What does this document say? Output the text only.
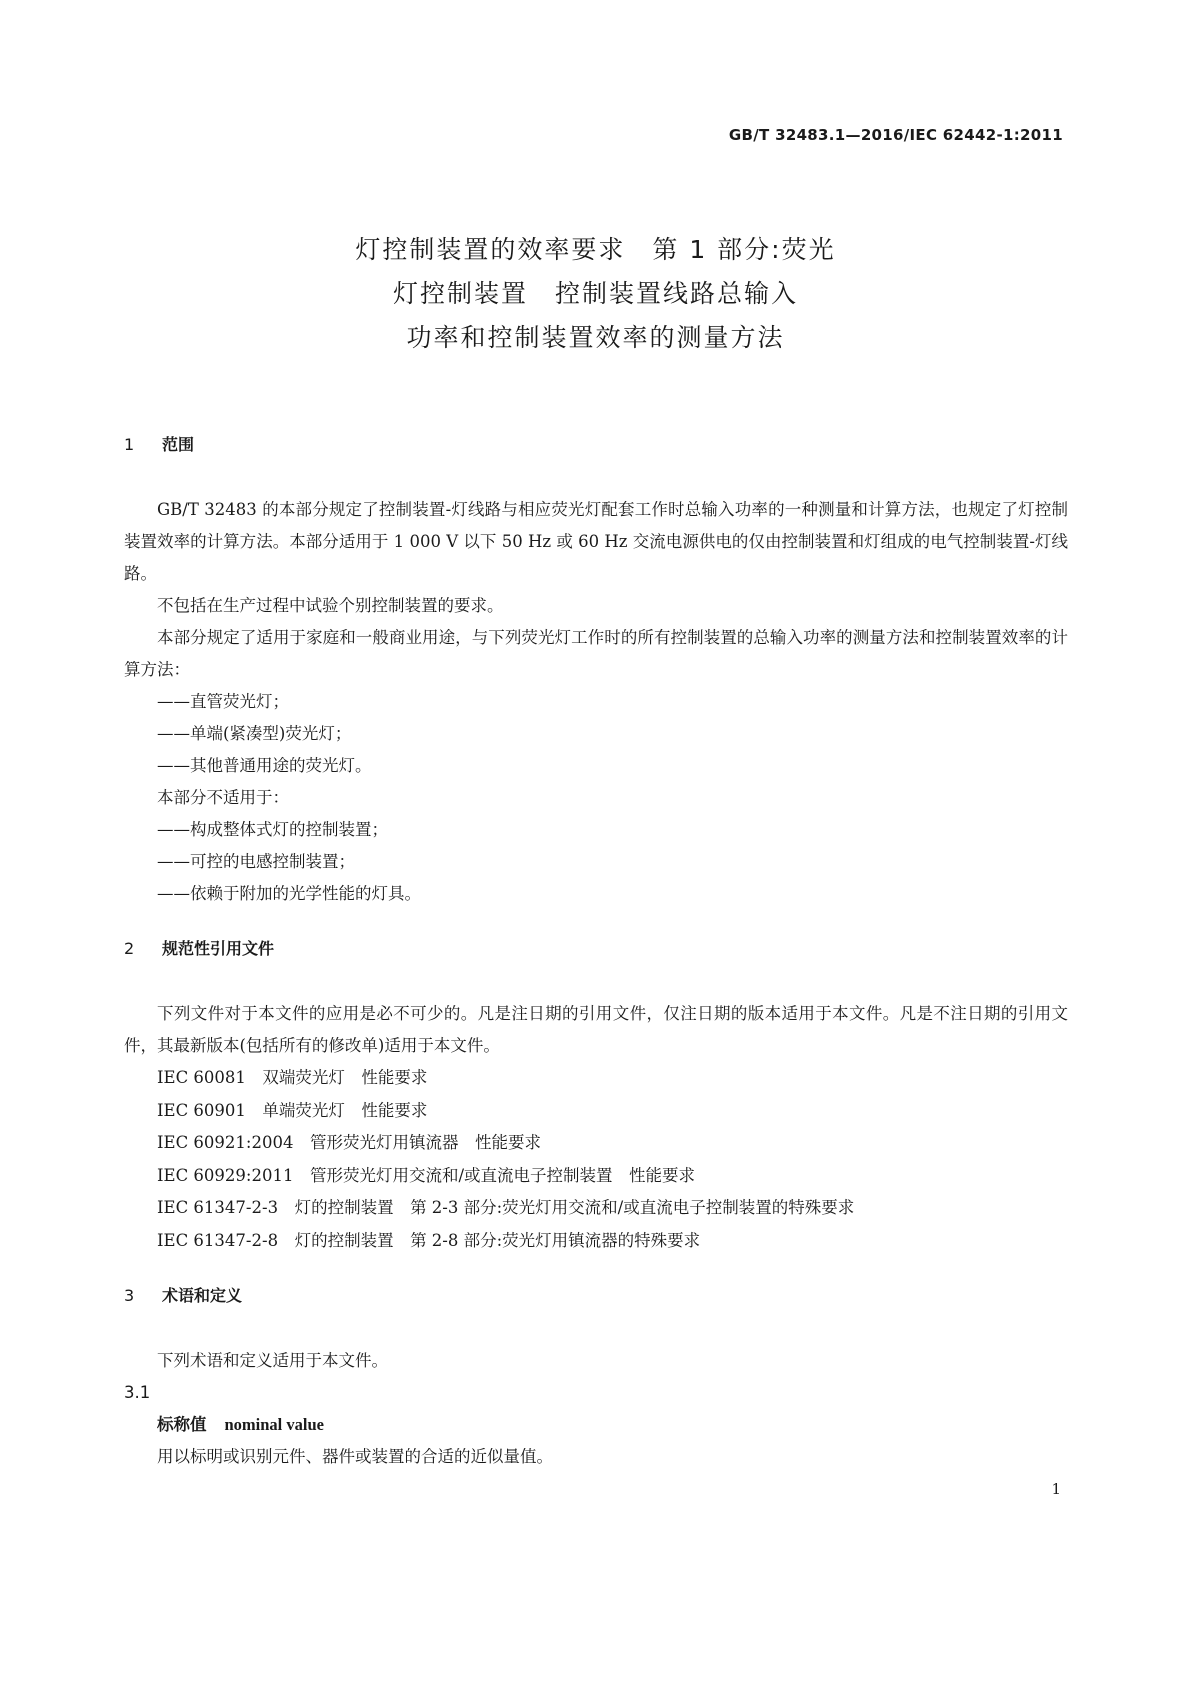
GB/T 32483.1—2016/IEC 62442-1:2011
灯控制装置的效率要求　第 1 部分:荧光
灯控制装置　控制装置线路总输入
功率和控制装置效率的测量方法
1 范围
GB/T 32483 的本部分规定了控制装置-灯线路与相应荧光灯配套工作时总输入功率的一种测量和计算方法，也规定了灯控制装置效率的计算方法。本部分适用于 1 000 V 以下 50 Hz 或 60 Hz 交流电源供电的仅由控制装置和灯组成的电气控制装置-灯线路。
不包括在生产过程中试验个别控制装置的要求。
本部分规定了适用于家庭和一般商业用途，与下列荧光灯工作时的所有控制装置的总输入功率的测量方法和控制装置效率的计算方法：
——直管荧光灯；
——单端(紧凑型)荧光灯；
——其他普通用途的荧光灯。
本部分不适用于：
——构成整体式灯的控制装置；
——可控的电感控制装置；
——依赖于附加的光学性能的灯具。
2 规范性引用文件
下列文件对于本文件的应用是必不可少的。凡是注日期的引用文件，仅注日期的版本适用于本文件。凡是不注日期的引用文件，其最新版本(包括所有的修改单)适用于本文件。
IEC 60081　双端荧光灯　性能要求
IEC 60901　单端荧光灯　性能要求
IEC 60921:2004　管形荧光灯用镇流器　性能要求
IEC 60929:2011　管形荧光灯用交流和/或直流电子控制装置　性能要求
IEC 61347-2-3　灯的控制装置　第 2-3 部分:荧光灯用交流和/或直流电子控制装置的特殊要求
IEC 61347-2-8　灯的控制装置　第 2-8 部分:荧光灯用镇流器的特殊要求
3 术语和定义
下列术语和定义适用于本文件。
3.1
标称值 nominal value
用以标明或识别元件、器件或装置的合适的近似量值。
1
